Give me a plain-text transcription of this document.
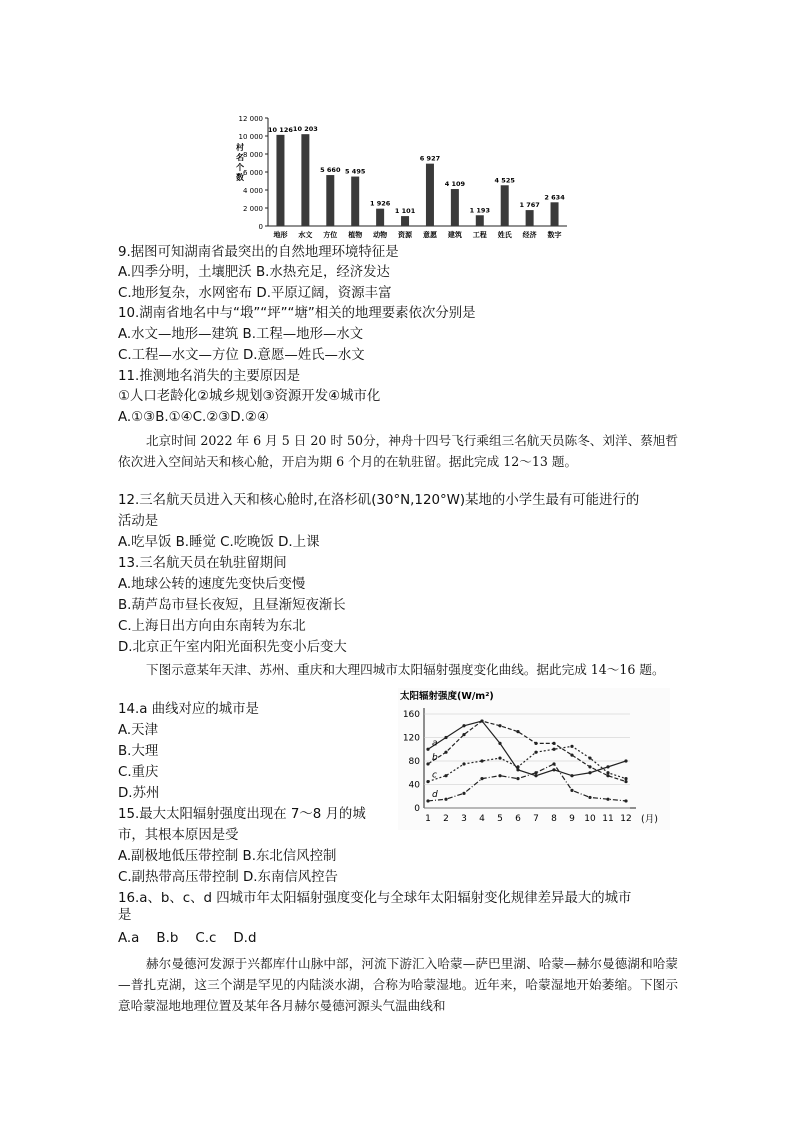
10 126 10 203
5 660 5 495
1 926
1 101
6 927
4 109
1 193
4 525
1 767
2 634
地形 水文 方位 植物 动物 资源 意愿 建筑 工程 姓氏 经济 数字
0
2 000
4 000
6 000
8 000
10 000
12 000
村名个数
9.据图可知湖南省最突出的自然地理环境特征是
A.四季分明，土壤肥沃 B.水热充足，经济发达
C.地形复杂，水网密布 D.平原辽阔，资源丰富
10.湖南省地名中与“塅”“坪”“塘”相关的地理要素依次分别是
A.水文—地形—建筑 B.工程—地形—水文
C.工程—水文—方位 D.意愿—姓氏—水文
11.推测地名消失的主要原因是
①人口老龄化②城乡规划③资源开发④城市化
A.①③B.①④C.②③D.②④
北京时间 2022 年 6 月 5 日 20 时 50分，神舟十四号飞行乘组三名航天员陈冬、刘洋、蔡旭哲依次进入空间站天和核心舱，开启为期 6 个月的在轨驻留。据此完成 12～13 题。
12.三名航天员进入天和核心舱时,在洛杉矶(30°N,120°W)某地的小学生最有可能进行的
活动是
A.吃早饭 B.睡觉 C.吃晚饭 D.上课
13.三名航天员在轨驻留期间
A.地球公转的速度先变快后变慢
B.葫芦岛市昼长夜短，且昼渐短夜渐长
C.上海日出方向由东南转为东北
D.北京正午室内阳光面积先变小后变大
下图示意某年天津、苏州、重庆和大理四城市太阳辐射强度变化曲线。据此完成 14～16 题。
14.a 曲线对应的城市是
A.天津
B.大理
C.重庆
D.苏州
0
40
80
120
160
1 2 3 4 5 6 7 8 9 10 11 12
a
b
c
d
太阳辐射强度(W/m²)
(月)
15.最大太阳辐射强度出现在 7～8 月的城
市，其根本原因是受
A.副极地低压带控制 B.东北信风控制
C.副热带高压带控制 D.东南信风控告
16.a、b、c、d 四城市年太阳辐射强度变化与全球年太阳辐射变化规律差异最大的城市
是
A.a    B.b    C.c    D.d
赫尔曼德河发源于兴都库什山脉中部，河流下游汇入哈蒙—萨巴里湖、哈蒙—赫尔曼德湖和哈蒙—普扎克湖，这三个湖是罕见的内陆淡水湖，合称为哈蒙湿地。近年来，哈蒙湿地开始萎缩。下图示意哈蒙湿地地理位置及某年各月赫尔曼德河源头气温曲线和
